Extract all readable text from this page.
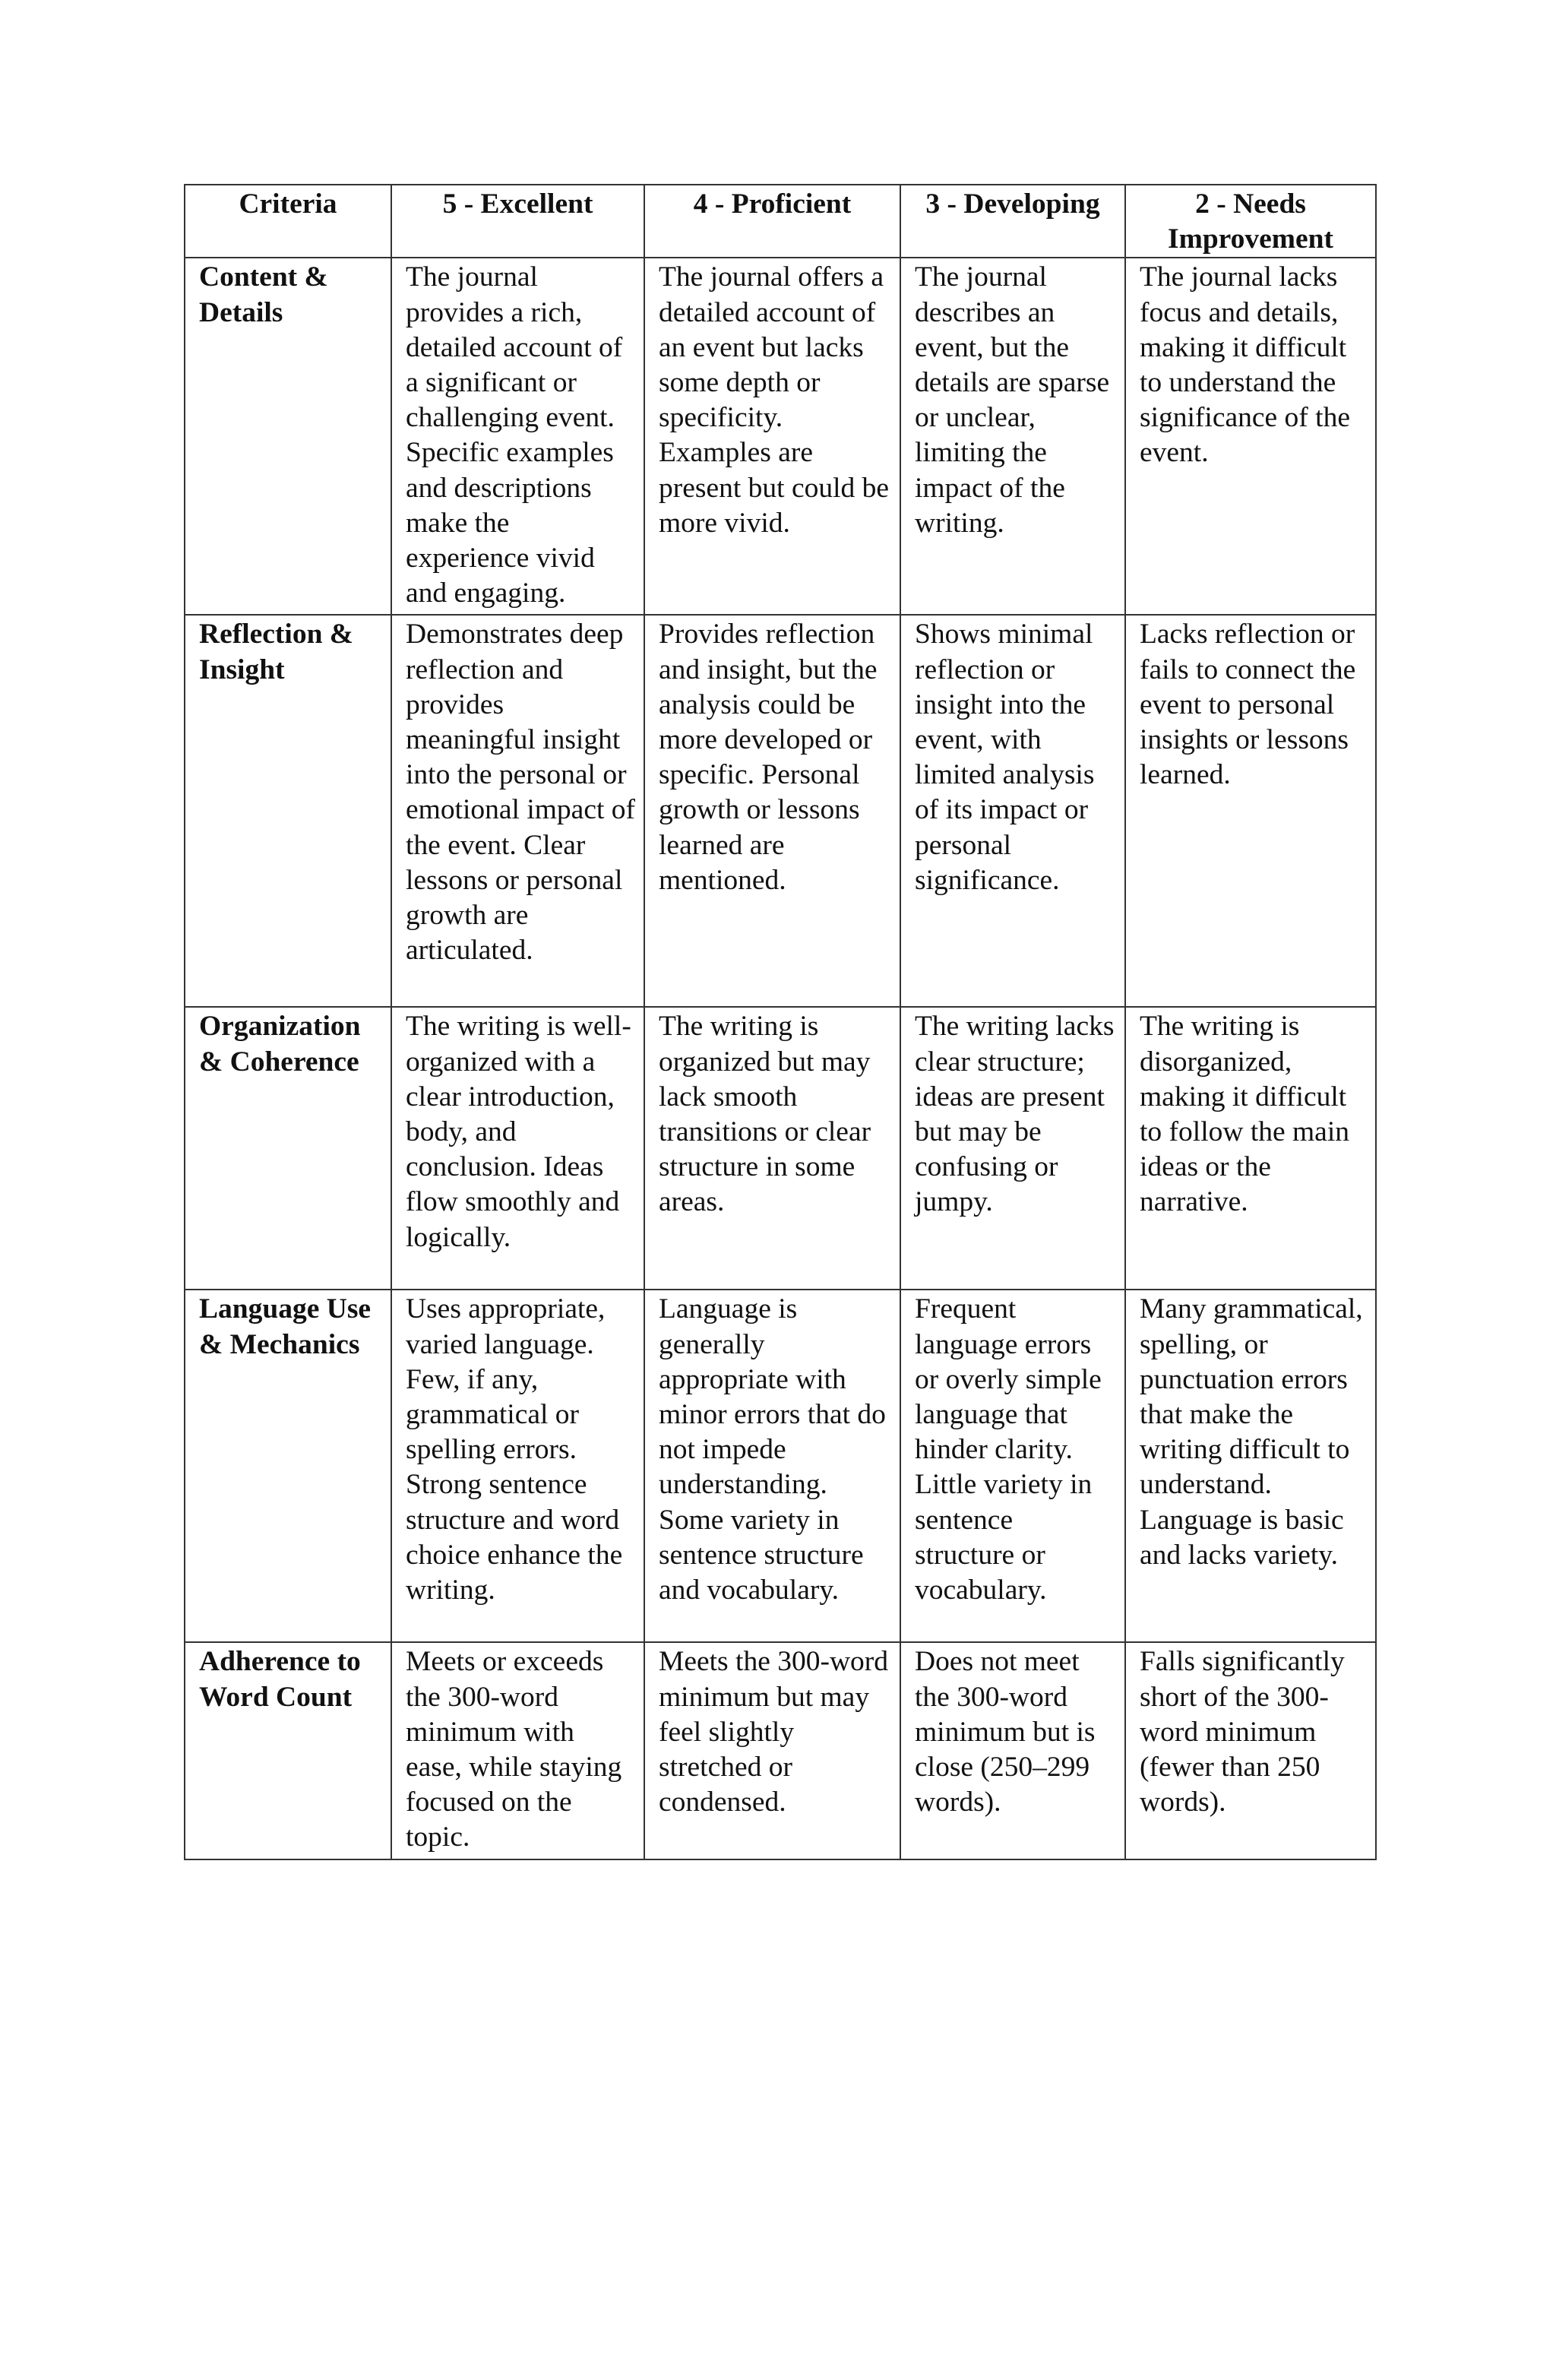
Criteria	5 - Excellent	4 - Proficient	3 - Developing	2 - Needs Improvement
Content & Details	The journal provides a rich, detailed account of a significant or challenging event. Specific examples and descriptions make the experience vivid and engaging.	The journal offers a detailed account of an event but lacks some depth or specificity. Examples are present but could be more vivid.	The journal describes an event, but the details are sparse or unclear, limiting the impact of the writing.	The journal lacks focus and details, making it difficult to understand the significance of the event.
Reflection & Insight	Demonstrates deep reflection and provides meaningful insight into the personal or emotional impact of the event. Clear lessons or personal growth are articulated.	Provides reflection and insight, but the analysis could be more developed or specific. Personal growth or lessons learned are mentioned.	Shows minimal reflection or insight into the event, with limited analysis of its impact or personal significance.	Lacks reflection or fails to connect the event to personal insights or lessons learned.
Organization & Coherence	The writing is well-organized with a clear introduction, body, and conclusion. Ideas flow smoothly and logically.	The writing is organized but may lack smooth transitions or clear structure in some areas.	The writing lacks clear structure; ideas are present but may be confusing or jumpy.	The writing is disorganized, making it difficult to follow the main ideas or the narrative.
Language Use & Mechanics	Uses appropriate, varied language. Few, if any, grammatical or spelling errors. Strong sentence structure and word choice enhance the writing.	Language is generally appropriate with minor errors that do not impede understanding. Some variety in sentence structure and vocabulary.	Frequent language errors or overly simple language that hinder clarity. Little variety in sentence structure or vocabulary.	Many grammatical, spelling, or punctuation errors that make the writing difficult to understand. Language is basic and lacks variety.
Adherence to Word Count	Meets or exceeds the 300-word minimum with ease, while staying focused on the topic.	Meets the 300-word minimum but may feel slightly stretched or condensed.	Does not meet the 300-word minimum but is close (250–299 words).	Falls significantly short of the 300-word minimum (fewer than 250 words).
